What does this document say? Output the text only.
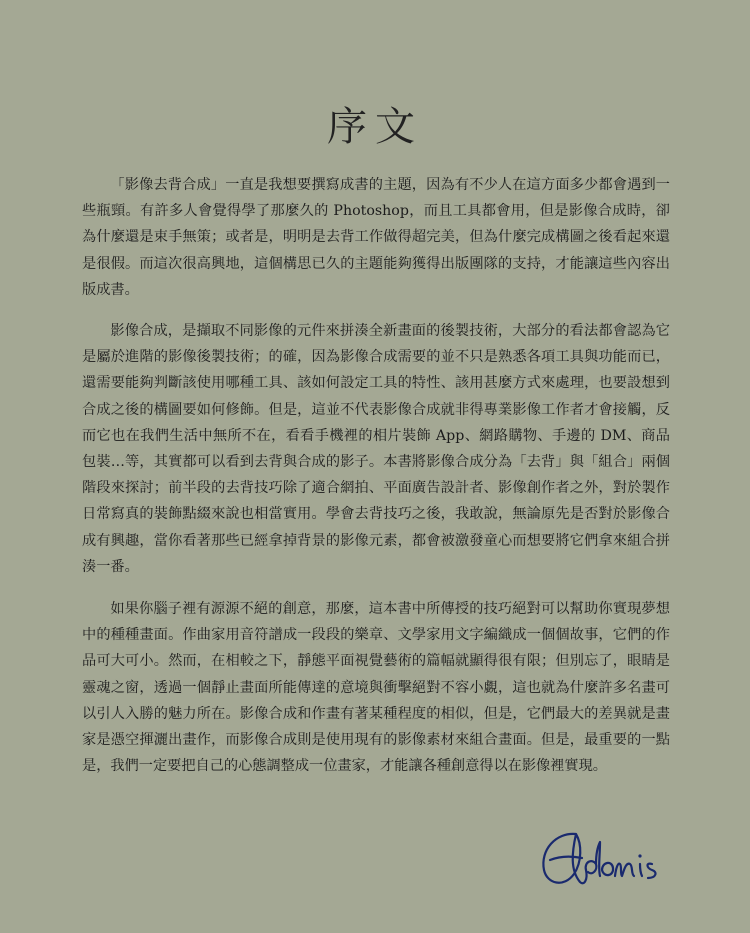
序文

「影像去背合成」一直是我想要撰寫成書的主題，因為有不少人在這方面多少都會遇到一些瓶頸。有許多人會覺得學了那麼久的 Photoshop，而且工具都會用，但是影像合成時，卻為什麼還是束手無策；或者是，明明是去背工作做得超完美，但為什麼完成構圖之後看起來還是很假。而這次很高興地，這個構思已久的主題能夠獲得出版團隊的支持，才能讓這些內容出版成書。

影像合成，是擷取不同影像的元件來拼湊全新畫面的後製技術，大部分的看法都會認為它是屬於進階的影像後製技術；的確，因為影像合成需要的並不只是熟悉各項工具與功能而已，還需要能夠判斷該使用哪種工具、該如何設定工具的特性、該用甚麼方式來處理，也要設想到合成之後的構圖要如何修飾。但是，這並不代表影像合成就非得專業影像工作者才會接觸，反而它也在我們生活中無所不在，看看手機裡的相片裝飾 App、網路購物、手邊的 DM、商品包裝…等，其實都可以看到去背與合成的影子。本書將影像合成分為「去背」與「組合」兩個階段來探討；前半段的去背技巧除了適合網拍、平面廣告設計者、影像創作者之外，對於製作日常寫真的裝飾點綴來說也相當實用。學會去背技巧之後，我敢說，無論原先是否對於影像合成有興趣，當你看著那些已經拿掉背景的影像元素，都會被激發童心而想要將它們拿來組合拼湊一番。

如果你腦子裡有源源不絕的創意，那麼，這本書中所傳授的技巧絕對可以幫助你實現夢想中的種種畫面。作曲家用音符譜成一段段的樂章、文學家用文字編織成一個個故事，它們的作品可大可小。然而，在相較之下，靜態平面視覺藝術的篇幅就顯得很有限；但別忘了，眼睛是靈魂之窗，透過一個靜止畫面所能傳達的意境與衝擊絕對不容小覷，這也就為什麼許多名畫可以引人入勝的魅力所在。影像合成和作畫有著某種程度的相似，但是，它們最大的差異就是畫家是憑空揮灑出畫作，而影像合成則是使用現有的影像素材來組合畫面。但是，最重要的一點是，我們一定要把自己的心態調整成一位畫家，才能讓各種創意得以在影像裡實現。
